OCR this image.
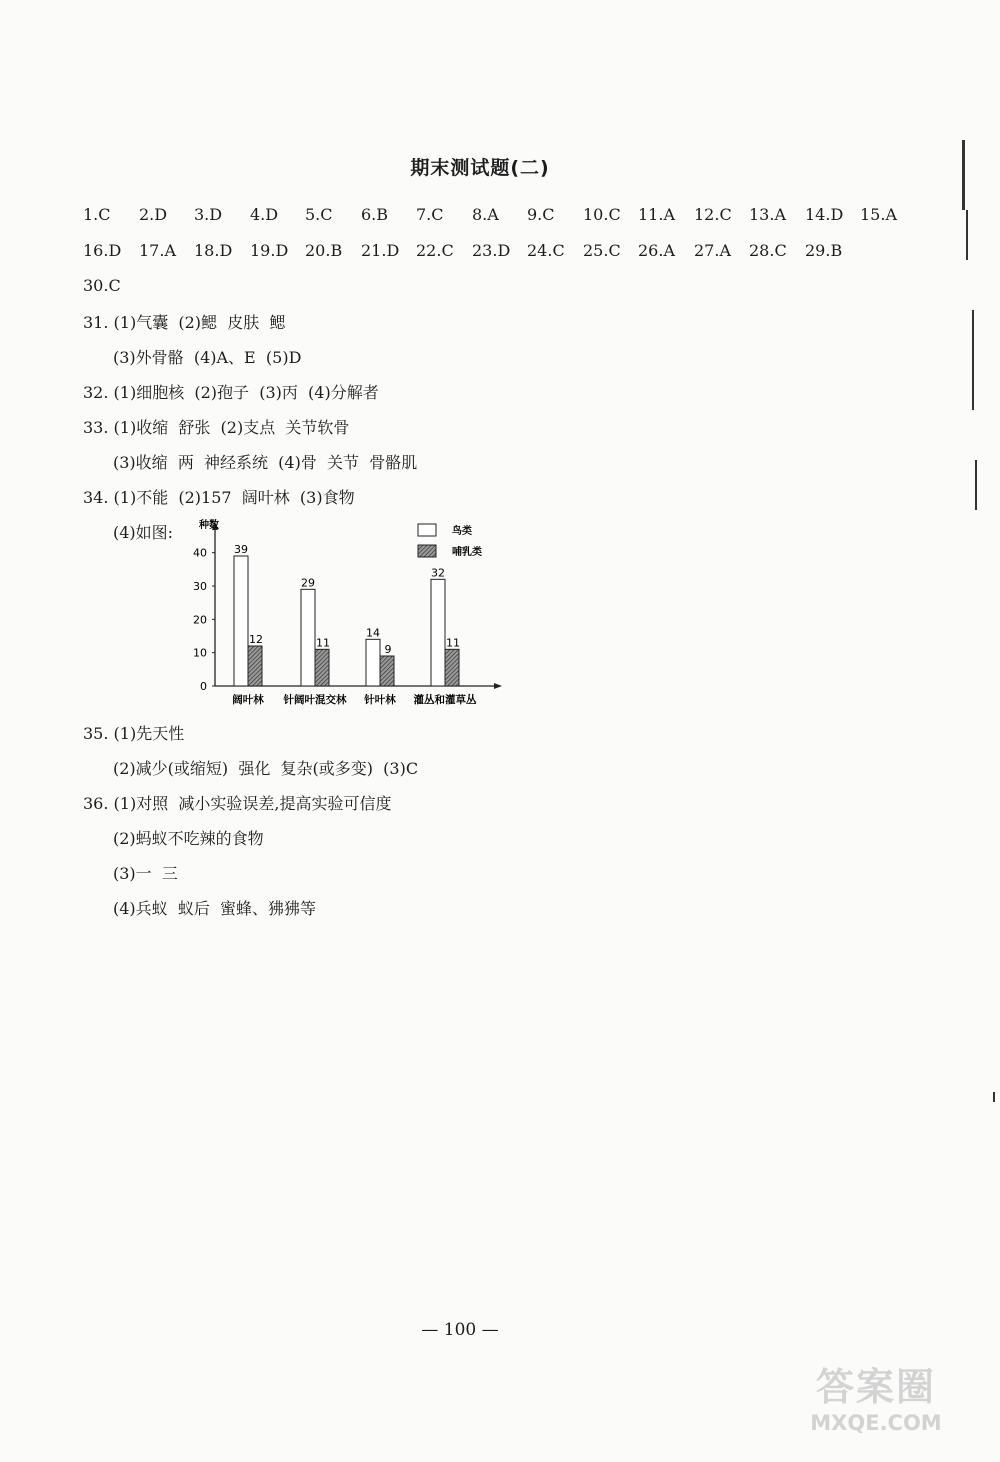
期末测试题(二)
1.C 2.D 3.D 4.D 5.C 6.B 7.C 8.A 9.C 10.C 11.A 12.C 13.A 14.D 15.A
16.D 17.A 18.D 19.D 20.B 21.D 22.C 23.D 24.C 25.C 26.A 27.A 28.C 29.B
30.C
31. (1)气囊  (2)鳃  皮肤  鳃
(3)外骨骼  (4)A、E  (5)D
32. (1)细胞核  (2)孢子  (3)丙  (4)分解者
33. (1)收缩  舒张  (2)支点  关节软骨
(3)收缩  两  神经系统  (4)骨  关节  骨骼肌
34. (1)不能  (2)157  阔叶林  (3)食物
(4)如图:	种数
0
10
20
30
40 39
12
阔叶林
29
11
针阔叶混交林
14
9
针叶林
32
11
灌丛和灌草丛
鸟类
哺乳类
35. (1)先天性
(2)减少(或缩短)  强化  复杂(或多变)  (3)C
36. (1)对照  减小实验误差,提高实验可信度
(2)蚂蚁不吃辣的食物
(3)一  三
(4)兵蚁  蚁后  蜜蜂、狒狒等
— 100 —
答案圈
MXQE.COM
